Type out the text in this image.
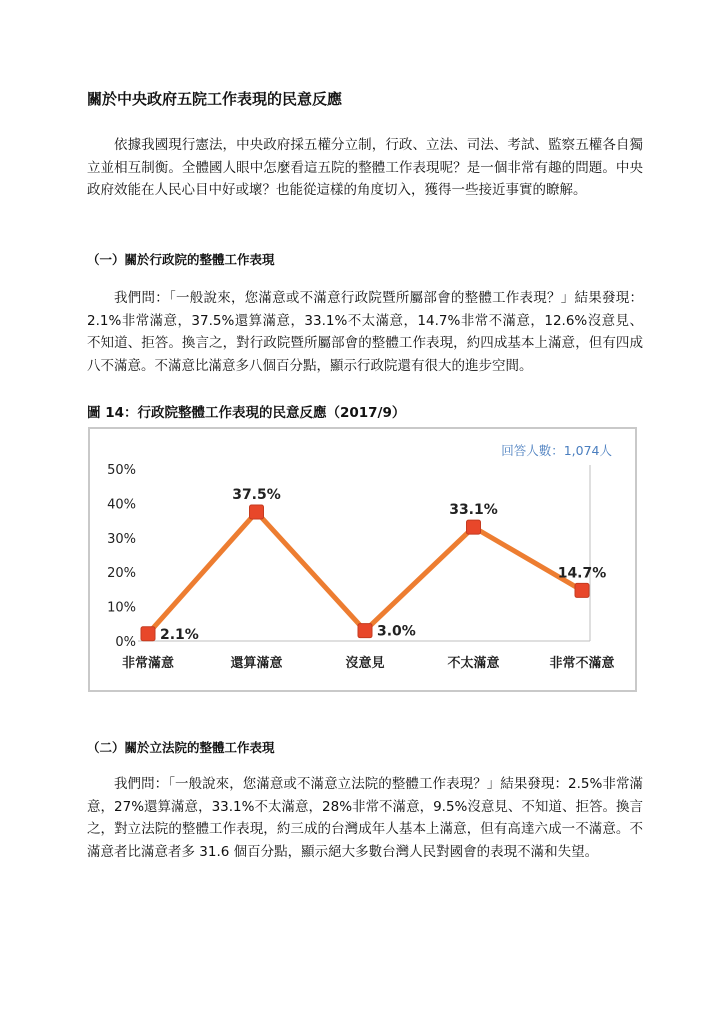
關於中央政府五院工作表現的民意反應

依據我國現行憲法，中央政府採五權分立制，行政、立法、司法、考試、監察五權各自獨立並相互制衡。全體國人眼中怎麼看這五院的整體工作表現呢？是一個非常有趣的問題。中央政府效能在人民心目中好或壞？也能從這樣的角度切入，獲得一些接近事實的瞭解。

（一）關於行政院的整體工作表現

我們問：「一般說來，您滿意或不滿意行政院暨所屬部會的整體工作表現？」結果發現：2.1%非常滿意，37.5%還算滿意，33.1%不太滿意，14.7%非常不滿意，12.6%沒意見、不知道、拒答。換言之，對行政院暨所屬部會的整體工作表現，約四成基本上滿意，但有四成八不滿意。不滿意比滿意多八個百分點，顯示行政院還有很大的進步空間。

圖 14：行政院整體工作表現的民意反應（2017/9）

0%
10%
20%
30%
40%
50%
非常滿意	還算滿意	沒意見	不太滿意	非常不滿意
2.1%
37.5%
3.0%
33.1%
14.7%
回答人數：1,074人
（二）關於立法院的整體工作表現

我們問：「一般說來，您滿意或不滿意立法院的整體工作表現？」結果發現：2.5%非常滿意，27%還算滿意，33.1%不太滿意，28%非常不滿意，9.5%沒意見、不知道、拒答。換言之，對立法院的整體工作表現，約三成的台灣成年人基本上滿意，但有高達六成一不滿意。不滿意者比滿意者多 31.6 個百分點，顯示絕大多數台灣人民對國會的表現不滿和失望。
